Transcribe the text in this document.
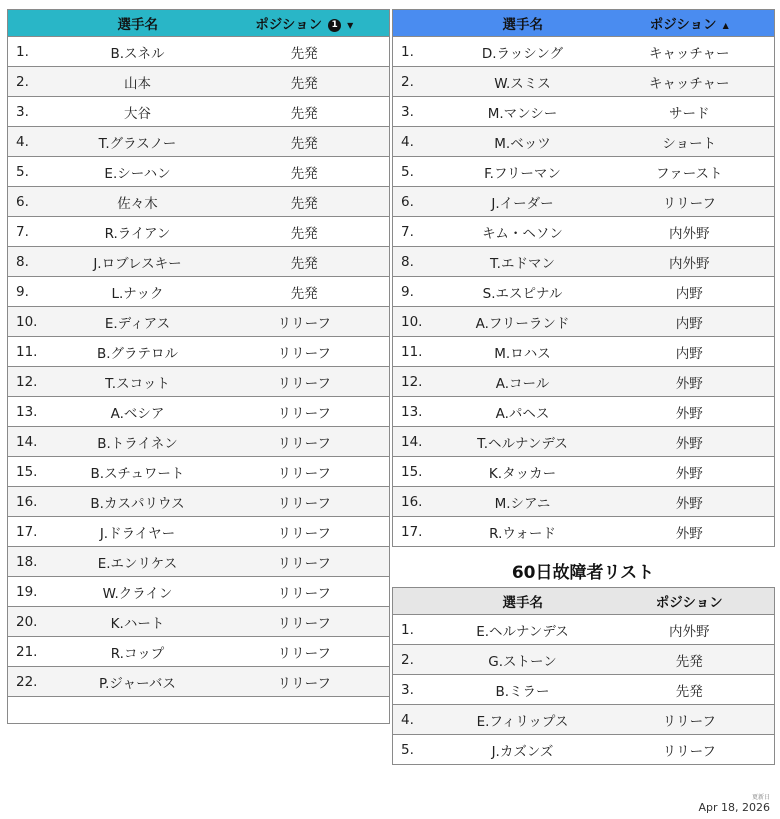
選手名		ポジション 1 ▼
1.	B.スネル	先発
2.	山本	先発
3.	大谷	先発
4.	T.グラスノー	先発
5.	E.シーハン	先発
6.	佐々木	先発
7.	R.ライアン	先発
8.	J.ロブレスキー	先発
9.	L.ナック	先発
10.	E.ディアス	リリーフ
11.	B.グラテロル	リリーフ
12.	T.スコット	リリーフ
13.	A.ベシア	リリーフ
14.	B.トライネン	リリーフ
15.	B.スチュワート	リリーフ
16.	B.カスパリウス	リリーフ
17.	J.ドライヤー	リリーフ
18.	E.エンリケス	リリーフ
19.	W.クライン	リリーフ
20.	K.ハート	リリーフ
21.	R.コップ	リリーフ
22.	P.ジャーバス	リリーフ

選手名		ポジション ▲
1.	D.ラッシング	キャッチャー
2.	W.スミス	キャッチャー
3.	M.マンシー	サード
4.	M.ベッツ	ショート
5.	F.フリーマン	ファースト
6.	J.イーダー	リリーフ
7.	キム・ヘソン	内外野
8.	T.エドマン	内外野
9.	S.エスピナル	内野
10.	A.フリーランド	内野
11.	M.ロハス	内野
12.	A.コール	外野
13.	A.パヘス	外野
14.	T.ヘルナンデス	外野
15.	K.タッカー	外野
16.	M.シアニ	外野
17.	R.ウォード	外野
60日故障者リスト
選手名		ポジション
1.	E.ヘルナンデス	内外野
2.	G.ストーン	先発
3.	B.ミラー	先発
4.	E.フィリップス	リリーフ
5.	J.カズンズ	リリーフ
更新日
Apr 18, 2026
